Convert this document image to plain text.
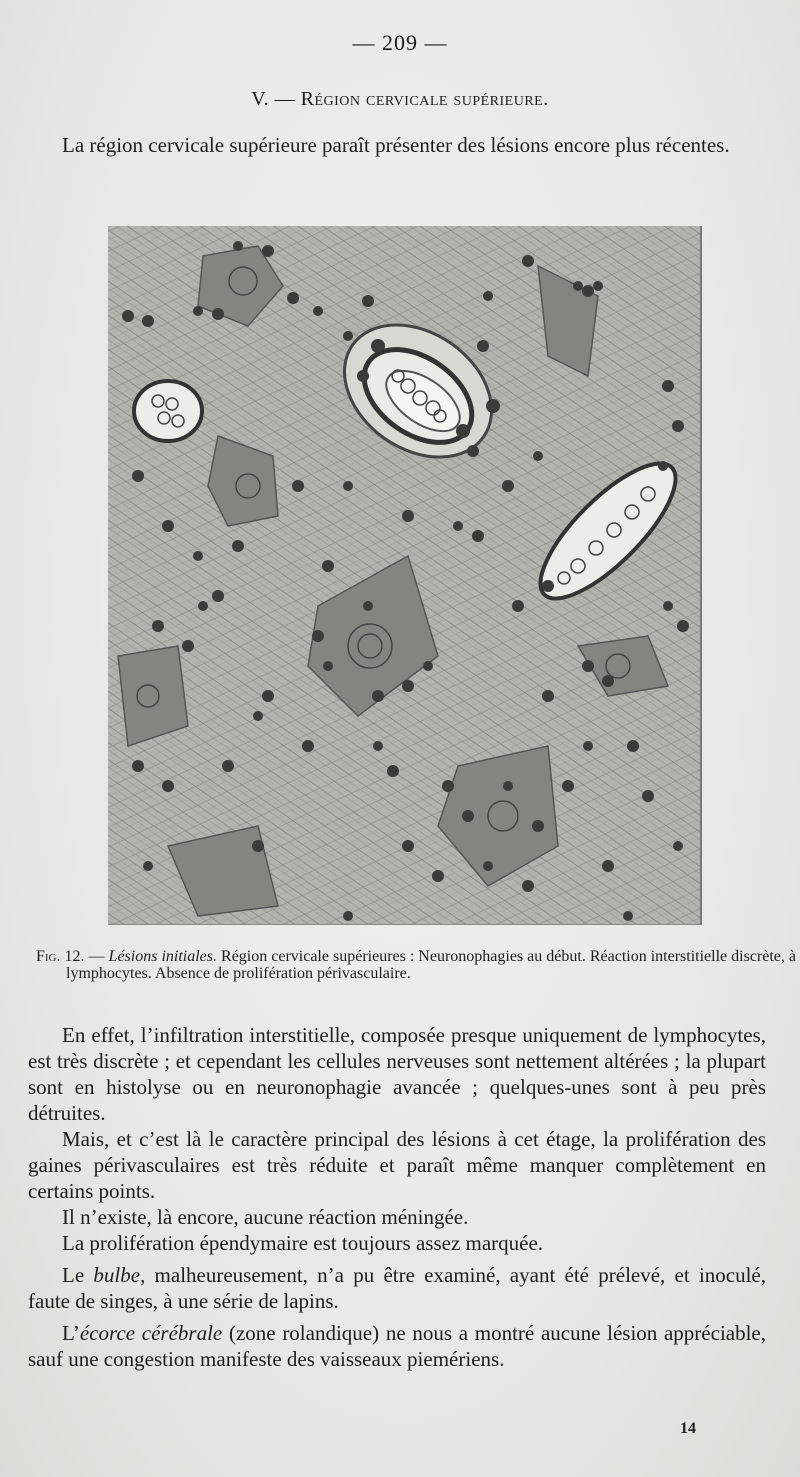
— 209 —
V. — Région cervicale supérieure.

La région cervicale supérieure paraît présenter des lésions encore plus récentes.

Fig. 12. — Lésions initiales. Région cervicale supérieures : Neuronophagies au début. Réaction interstitielle discrète, à lymphocytes. Absence de prolifération périvasculaire.

En effet, l’infiltration interstitielle, composée presque uniquement de lymphocytes, est très discrète ; et cependant les cellules nerveuses sont nettement altérées ; la plupart sont en histolyse ou en neuronophagie avancée ; quelques-unes sont à peu près détruites.

Mais, et c’est là le caractère principal des lésions à cet étage, la prolifération des gaines périvasculaires est très réduite et paraît même manquer complètement en certains points.

Il n’existe, là encore, aucune réaction méningée.

La prolifération épendymaire est toujours assez marquée.

Le bulbe, malheureusement, n’a pu être examiné, ayant été prélevé, et inoculé, faute de singes, à une série de lapins.

L’écorce cérébrale (zone rolandique) ne nous a montré aucune lésion appréciable, sauf une congestion manifeste des vaisseaux piemériens.

14
